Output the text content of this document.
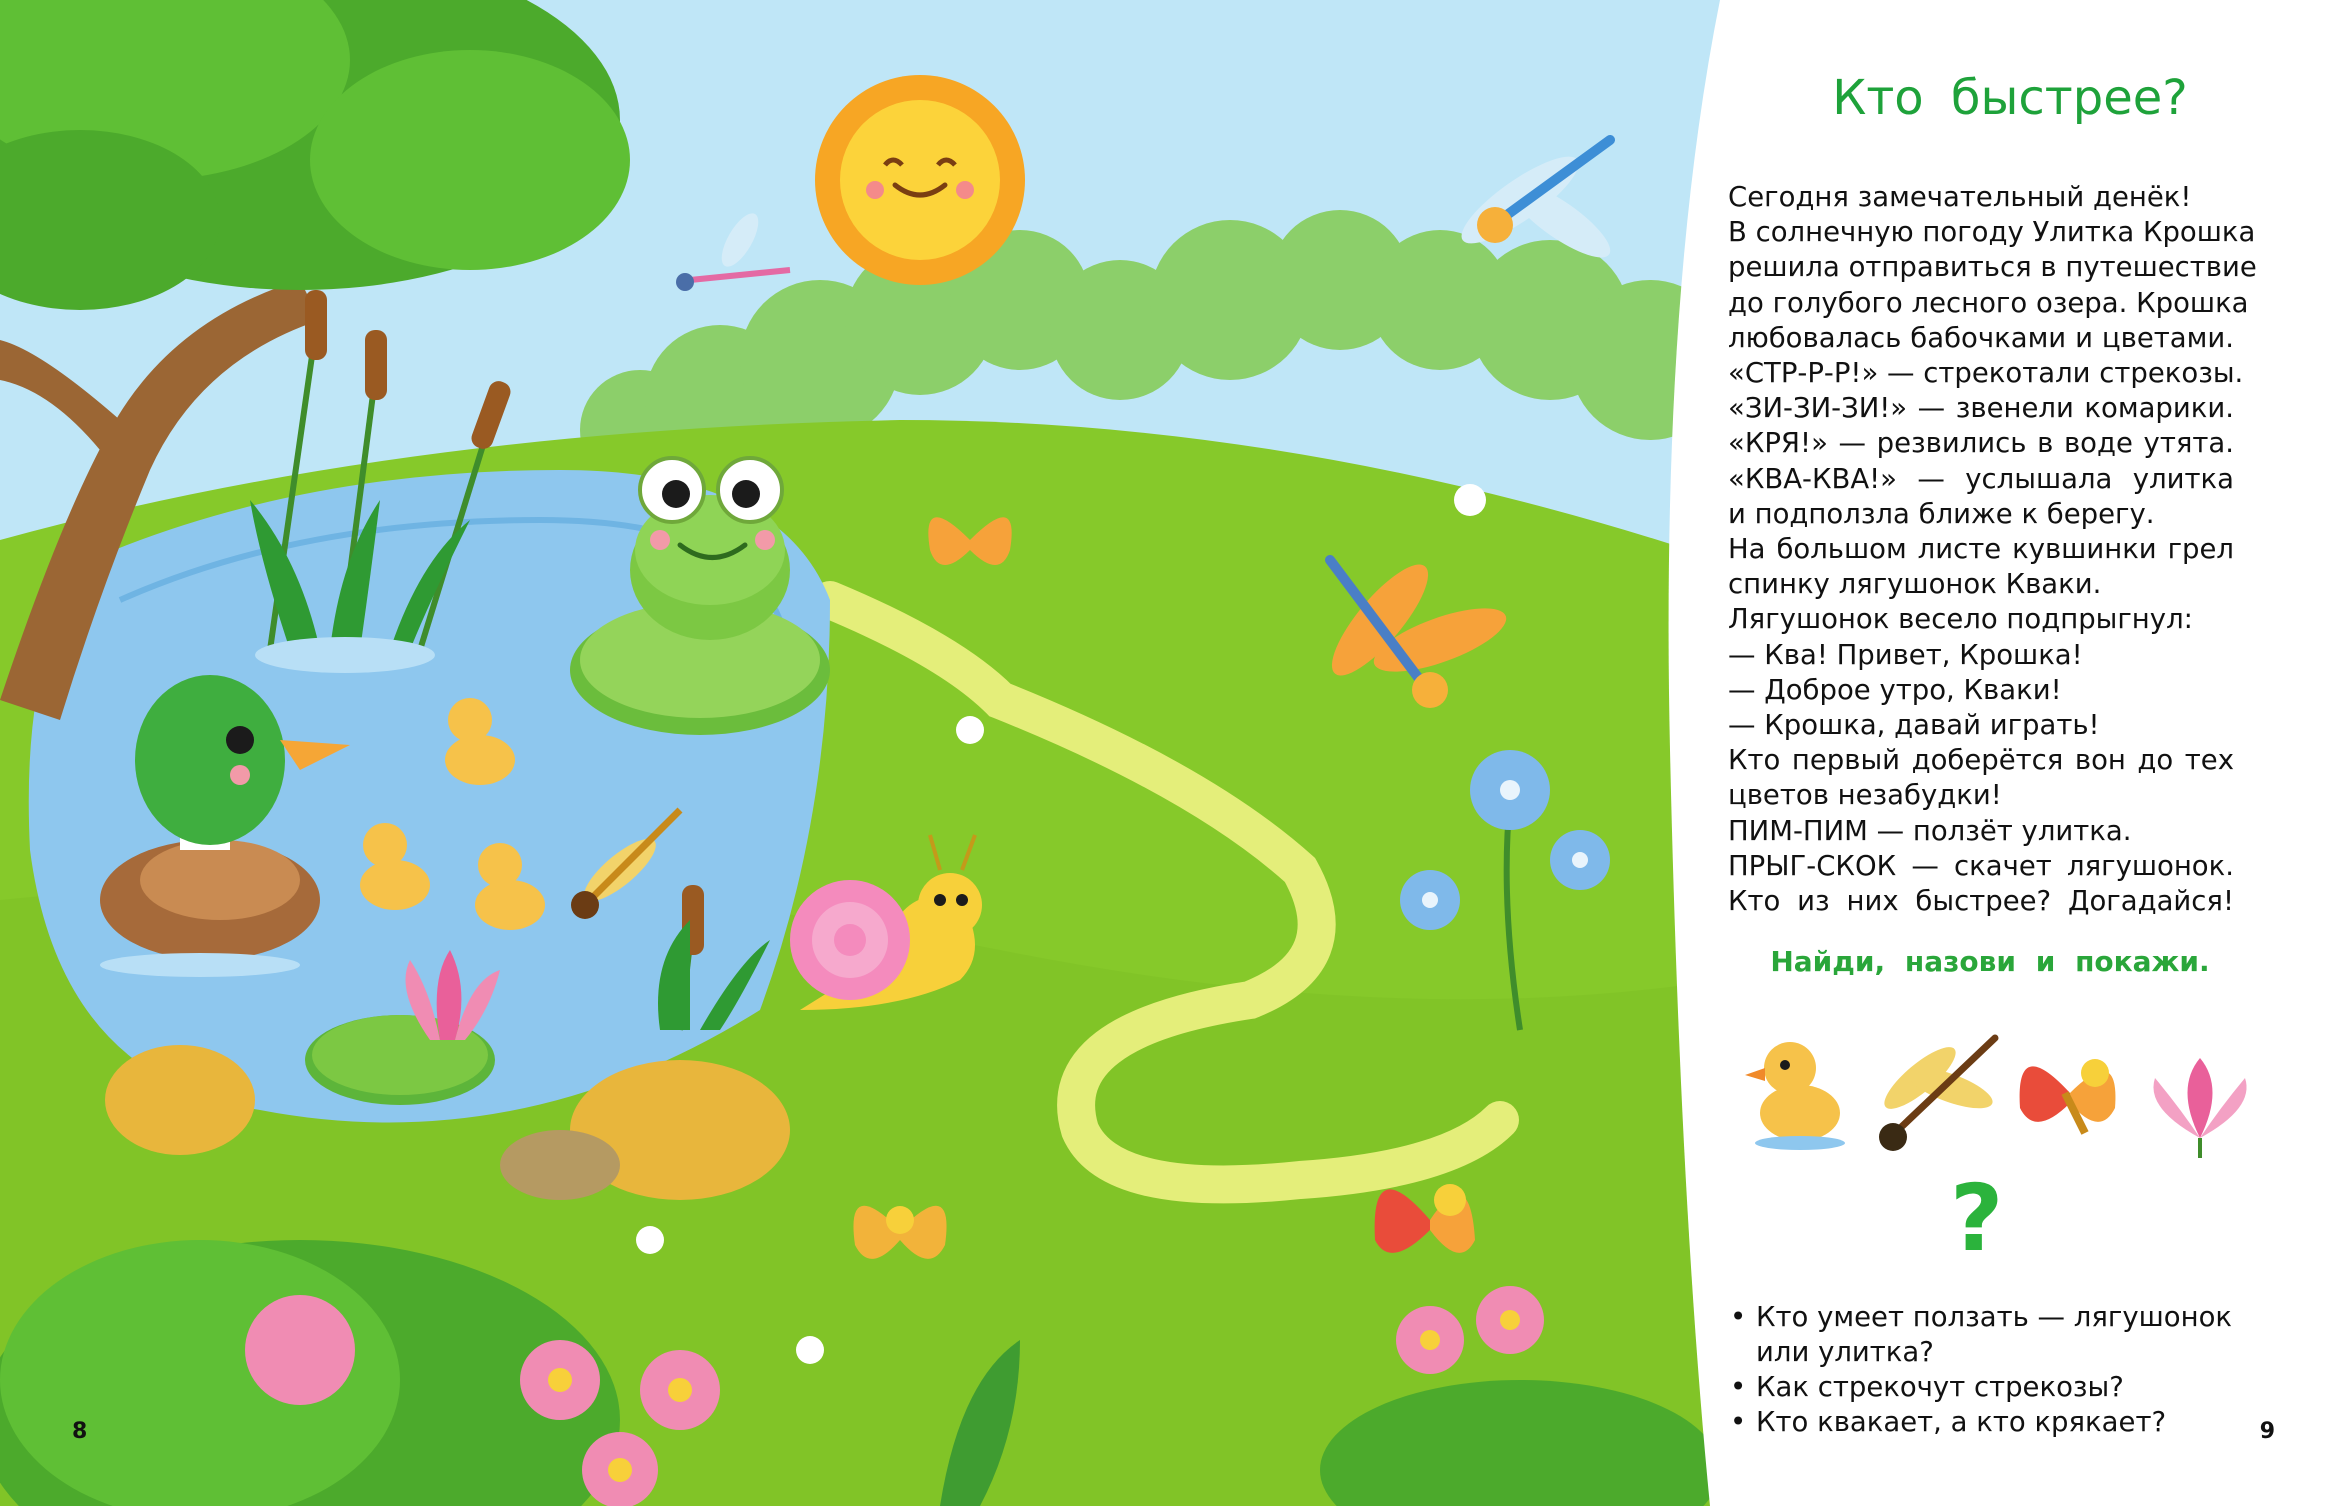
8
Кто быстрее?
Сегодня замечательный денёк!
В солнечную погоду Улитка Крошка
решила отправиться в путешествие
до голубого лесного озера. Крошка
любовалась бабочками и цветами.
«СТР-Р-Р!» — стрекотали стрекозы.
«ЗИ-ЗИ-ЗИ!» — звенели комарики.
«КРЯ!» — резвились в воде утята.
«КВА-КВА!» — услышала улитка
и подползла ближе к берегу.
На большом листе кувшинки грел
спинку лягушонок Кваки.
Лягушонок весело подпрыгнул:
— Ква! Привет, Крошка!
— Доброе утро, Кваки!
— Крошка, давай играть!
Кто первый доберётся вон до тех
цветов незабудки!
ПИМ-ПИМ — ползёт улитка.
ПРЫГ-СКОК — скачет лягушонок.
Кто из них быстрее? Догадайся!
Найди, назови и покажи.
?
• Кто умеет ползать — лягушонок
или улитка?
• Как стрекочут стрекозы?
• Кто квакает, а кто крякает?	9
